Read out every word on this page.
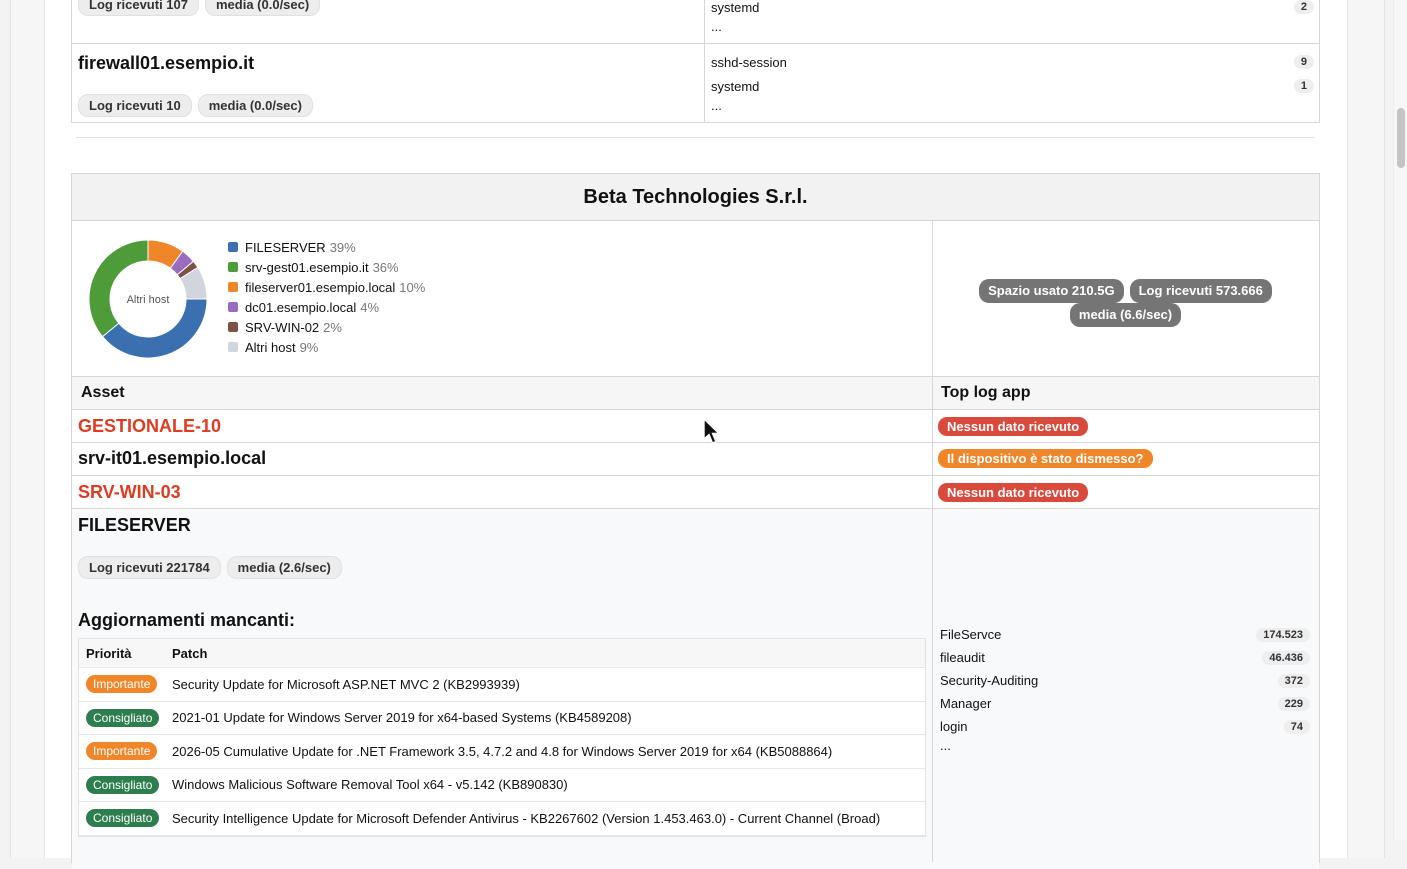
Log ricevuti 107 media (0.0/sec)	systemd	2
...
firewall01.esempio.it
Log ricevuti 10 media (0.0/sec)
sshd-session	9
systemd	1
...
Beta Technologies S.r.l.
Altri host
FILESERVER 39%
srv-gest01.esempio.it 36%
fileserver01.esempio.local 10%
dc01.esempio.local 4%
SRV-WIN-02 2%
Altri host 9%
Spazio usato 210.5G Log ricevuti 573.666
media (6.6/sec)
Asset	Top log app
GESTIONALE-10	Nessun dato ricevuto
srv-it01.esempio.local	Il dispositivo è stato dismesso?
SRV-WIN-03	Nessun dato ricevuto
FILESERVER
Log ricevuti 221784 media (2.6/sec)
Aggiornamenti mancanti:
FileServce	174.523
fileaudit	46.436
Security-Auditing	372
Manager	229
login	74
...
Priorità	Patch
Importante	Security Update for Microsoft ASP.NET MVC 2 (KB2993939)
Consigliato	2021-01 Update for Windows Server 2019 for x64-based Systems (KB4589208)
Importante	2026-05 Cumulative Update for .NET Framework 3.5, 4.7.2 and 4.8 for Windows Server 2019 for x64 (KB5088864)
Consigliato	Windows Malicious Software Removal Tool x64 - v5.142 (KB890830)
Consigliato	Security Intelligence Update for Microsoft Defender Antivirus - KB2267602 (Version 1.453.463.0) - Current Channel (Broad)
